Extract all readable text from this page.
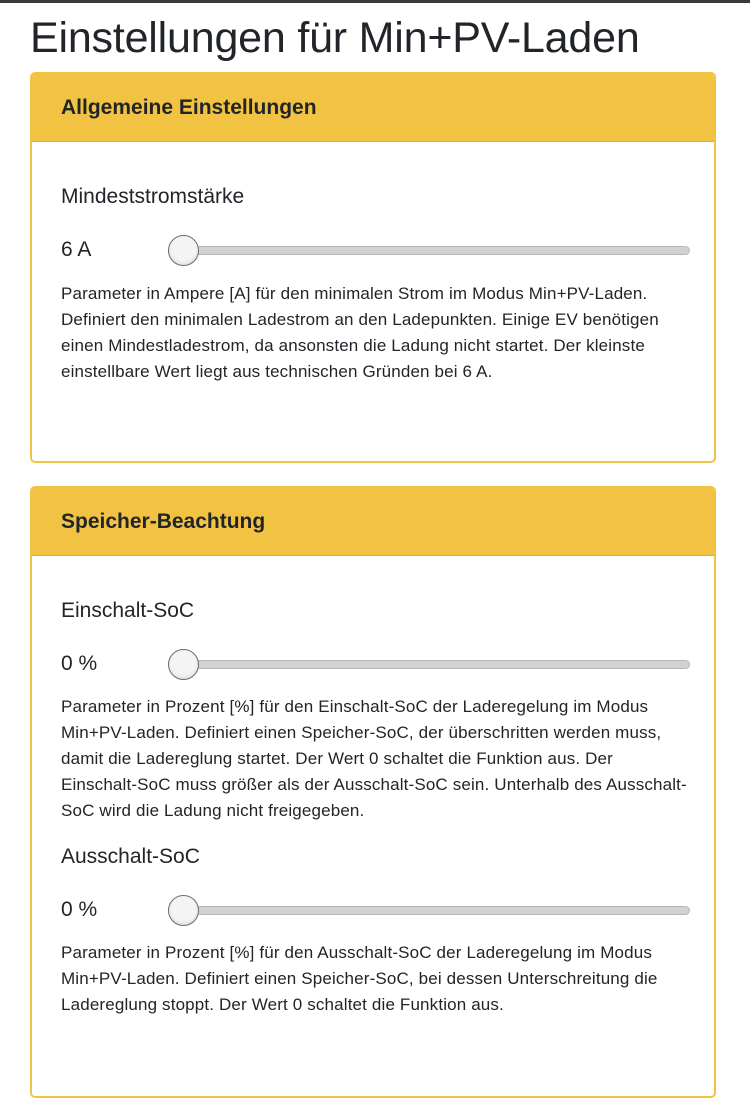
Einstellungen für Min+PV-Laden
Allgemeine Einstellungen
Mindeststromstärke
6 A
Parameter in Ampere [A] für den minimalen Strom im Modus Min+PV-Laden. Definiert den minimalen Ladestrom an den Ladepunkten. Einige EV benötigen einen Mindestladestrom, da ansonsten die Ladung nicht startet. Der kleinste einstellbare Wert liegt aus technischen Gründen bei 6 A.
Speicher-Beachtung
Einschalt-SoC
0 %
Parameter in Prozent [%] für den Einschalt-SoC der Laderegelung im Modus Min+PV-Laden. Definiert einen Speicher-SoC, der überschritten werden muss, damit die Ladereglung startet. Der Wert 0 schaltet die Funktion aus. Der Einschalt-SoC muss größer als der Ausschalt-SoC sein. Unterhalb des Ausschalt-SoC wird die Ladung nicht freigegeben.
Ausschalt-SoC
0 %
Parameter in Prozent [%] für den Ausschalt-SoC der Laderegelung im Modus Min+PV-Laden. Definiert einen Speicher-SoC, bei dessen Unterschreitung die Ladereglung stoppt. Der Wert 0 schaltet die Funktion aus.
